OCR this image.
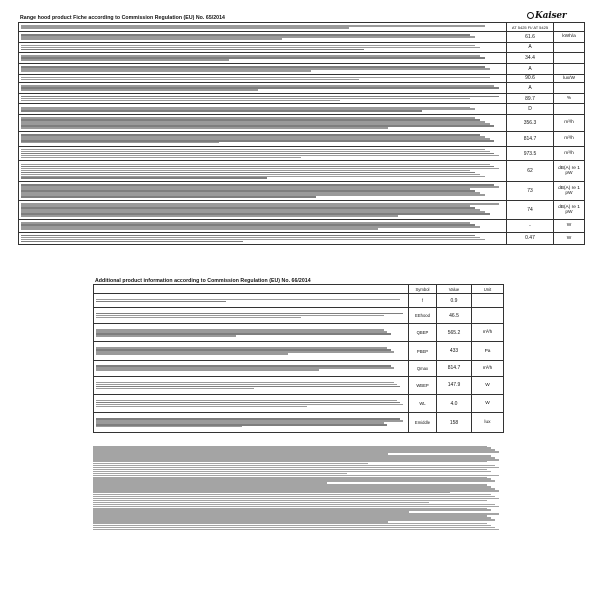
Range hood product Fiche according to Commission Regulation (EU) No. 65/2014	Kaiser
	AT 5425 FI/ AT 5425	

	61.6	kWh/a

	A	

	34.4	

	A	

	90.6	lux/W

	A	

	89.7	%

	D	

	356.3	m³/h

	814.7	m³/h

	973.5	m³/h

	62	dB(A) re 1 pW

	73	dB(A) re 1 pW

	74	dB(A) re 1 pW

	-	W

	0.47	W
Additional product information according to Commission Regulation (EU) No. 66/2014
	Symbol	Value	Unit

	f	0.9	

	EEhood	46.5	

	QBEP	565.2	m³/h

	PBEP	433	Pa

	Qmax	814.7	m³/h

	WBEP	147.9	W

	WL	4.0	W

	Emiddle	158	lux
